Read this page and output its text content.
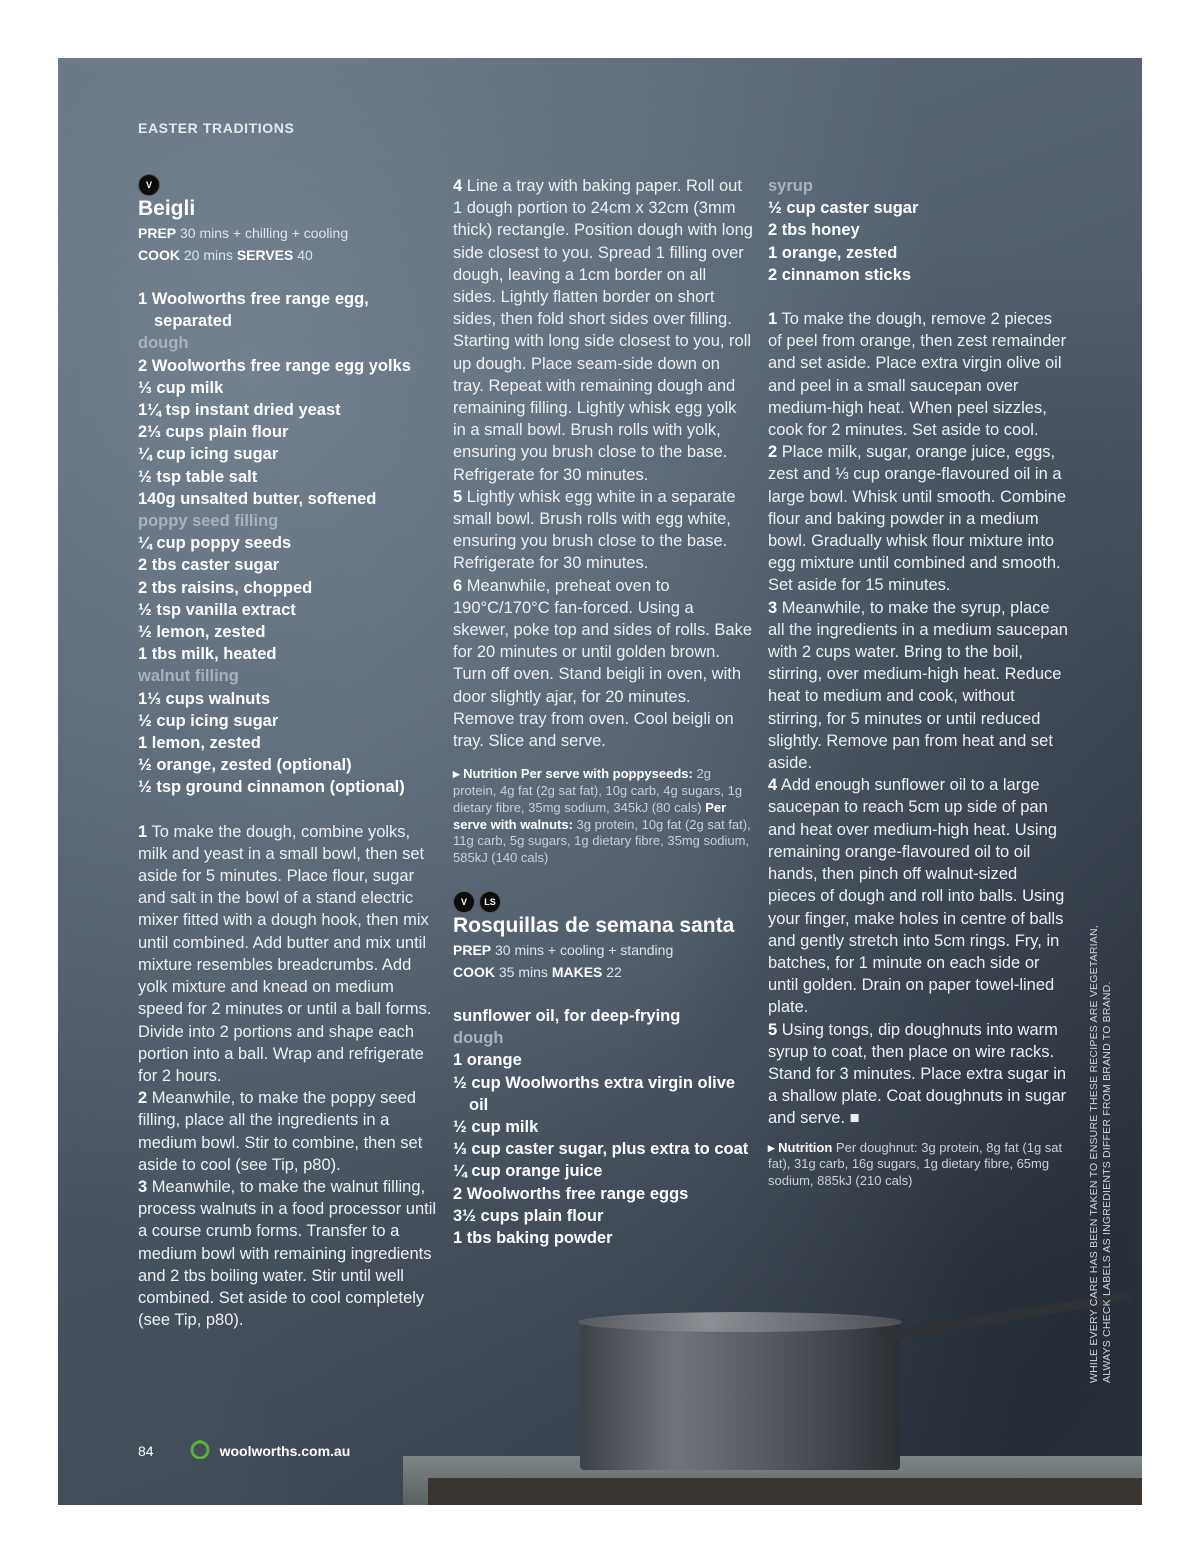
EASTER TRADITIONS
V
Beigli
PREP 30 mins + chilling + cooling
COOK 20 mins SERVES 40
1 Woolworths free range egg, separated
dough
2 Woolworths free range egg yolks
⅓ cup milk
1¼ tsp instant dried yeast
2⅓ cups plain flour
¼ cup icing sugar
½ tsp table salt
140g unsalted butter, softened
poppy seed filling
¼ cup poppy seeds
2 tbs caster sugar
2 tbs raisins, chopped
½ tsp vanilla extract
½ lemon, zested
1 tbs milk, heated
walnut filling
1⅓ cups walnuts
½ cup icing sugar
1 lemon, zested
½ orange, zested (optional)
½ tsp ground cinnamon (optional)

1 To make the dough, combine yolks, milk and yeast in a small bowl, then set aside for 5 minutes. Place flour, sugar and salt in the bowl of a stand electric mixer fitted with a dough hook, then mix until combined. Add butter and mix until mixture resembles breadcrumbs. Add yolk mixture and knead on medium speed for 2 minutes or until a ball forms. Divide into 2 portions and shape each portion into a ball. Wrap and refrigerate for 2 hours.

2 Meanwhile, to make the poppy seed filling, place all the ingredients in a medium bowl. Stir to combine, then set aside to cool (see Tip, p80).

3 Meanwhile, to make the walnut filling, process walnuts in a food processor until a course crumb forms. Transfer to a medium bowl with remaining ingredients and 2 tbs boiling water. Stir until well combined. Set aside to cool completely (see Tip, p80).

4 Line a tray with baking paper. Roll out 1 dough portion to 24cm x 32cm (3mm thick) rectangle. Position dough with long side closest to you. Spread 1 filling over dough, leaving a 1cm border on all sides. Lightly flatten border on short sides, then fold short sides over filling. Starting with long side closest to you, roll up dough. Place seam-side down on tray. Repeat with remaining dough and remaining filling. Lightly whisk egg yolk in a small bowl. Brush rolls with yolk, ensuring you brush close to the base. Refrigerate for 30 minutes.

5 Lightly whisk egg white in a separate small bowl. Brush rolls with egg white, ensuring you brush close to the base. Refrigerate for 30 minutes.

6 Meanwhile, preheat oven to 190°C/170°C fan-forced. Using a skewer, poke top and sides of rolls. Bake for 20 minutes or until golden brown. Turn off oven. Stand beigli in oven, with door slightly ajar, for 20 minutes. Remove tray from oven. Cool beigli on tray. Slice and serve.

▸ Nutrition Per serve with poppyseeds: 2g protein, 4g fat (2g sat fat), 10g carb, 4g sugars, 1g dietary fibre, 35mg sodium, 345kJ (80 cals) Per serve with walnuts: 3g protein, 10g fat (2g sat fat), 11g carb, 5g sugars, 1g dietary fibre, 35mg sodium, 585kJ (140 cals)

V LS
Rosquillas de semana santa
PREP 30 mins + cooling + standing
COOK 35 mins MAKES 22
sunflower oil, for deep-frying
dough
1 orange
½ cup Woolworths extra virgin olive oil
½ cup milk
⅓ cup caster sugar, plus extra to coat
¼ cup orange juice
2 Woolworths free range eggs
3½ cups plain flour
1 tbs baking powder
syrup
½ cup caster sugar
2 tbs honey
1 orange, zested
2 cinnamon sticks

1 To make the dough, remove 2 pieces of peel from orange, then zest remainder and set aside. Place extra virgin olive oil and peel in a small saucepan over medium-high heat. When peel sizzles, cook for 2 minutes. Set aside to cool.

2 Place milk, sugar, orange juice, eggs, zest and ⅓ cup orange-flavoured oil in a large bowl. Whisk until smooth. Combine flour and baking powder in a medium bowl. Gradually whisk flour mixture into egg mixture until combined and smooth. Set aside for 15 minutes.

3 Meanwhile, to make the syrup, place all the ingredients in a medium saucepan with 2 cups water. Bring to the boil, stirring, over medium-high heat. Reduce heat to medium and cook, without stirring, for 5 minutes or until reduced slightly. Remove pan from heat and set aside.

4 Add enough sunflower oil to a large saucepan to reach 5cm up side of pan and heat over medium-high heat. Using remaining orange-flavoured oil to oil hands, then pinch off walnut-sized pieces of dough and roll into balls. Using your finger, make holes in centre of balls and gently stretch into 5cm rings. Fry, in batches, for 1 minute on each side or until golden. Drain on paper towel-lined plate.

5 Using tongs, dip doughnuts into warm syrup to coat, then place on wire racks. Stand for 3 minutes. Place extra sugar in a shallow plate. Coat doughnuts in sugar and serve. ■

▸ Nutrition Per doughnut: 3g protein, 8g fat (1g sat fat), 31g carb, 16g sugars, 1g dietary fibre, 65mg sodium, 885kJ (210 cals)	WHILE EVERY CARE HAS BEEN TAKEN TO ENSURE THESE RECIPES ARE VEGETARIAN, ALWAYS CHECK LABELS AS INGREDIENTS DIFFER FROM BRAND TO BRAND.
84	woolworths.com.au
